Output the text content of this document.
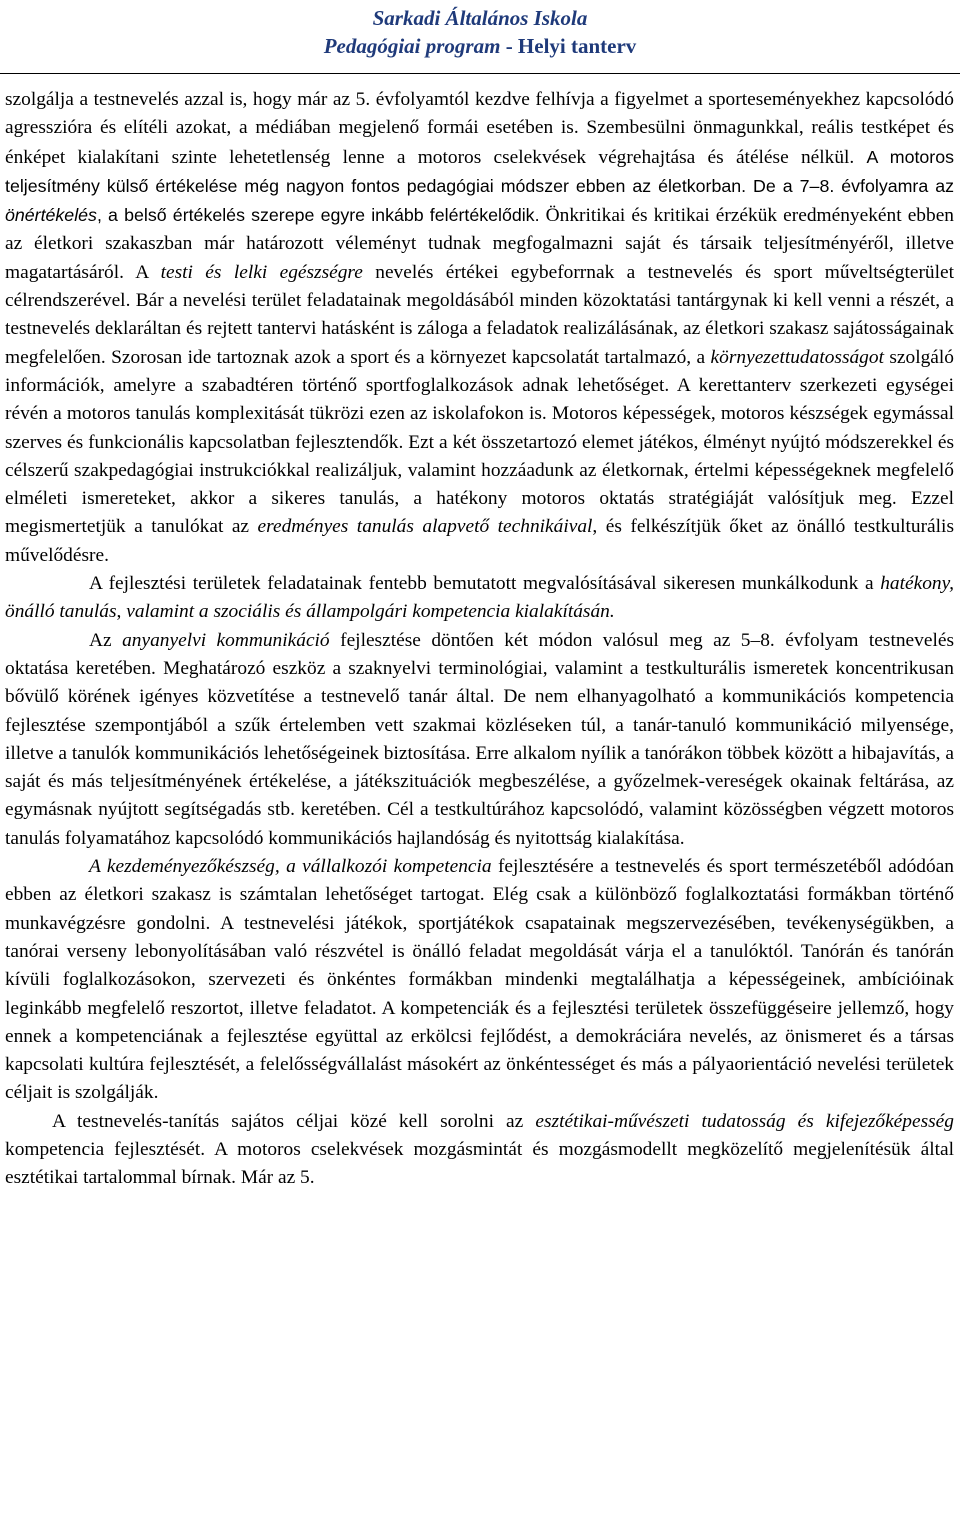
Sarkadi Általános Iskola
Pedagógiai program - Helyi tanterv

szolgálja a testnevelés azzal is, hogy már az 5. évfolyamtól kezdve felhívja a figyelmet a sporteseményekhez kapcsolódó agresszióra és elítéli azokat, a médiában megjelenő formái esetében is. Szembesülni önmagunkkal, reális testképet és énképet kialakítani szinte lehetetlenség lenne a motoros cselekvések végrehajtása és átélése nélkül. A motoros teljesítmény külső értékelése még nagyon fontos pedagógiai módszer ebben az életkorban. De a 7–8. évfolyamra az önértékelés, a belső értékelés szerepe egyre inkább felértékelődik. Önkritikai és kritikai érzékük eredményeként ebben az életkori szakaszban már határozott véleményt tudnak megfogalmazni saját és társaik teljesítményéről, illetve magatartásáról. A testi és lelki egészségre nevelés értékei egybeforrnak a testnevelés és sport műveltségterület célrendszerével. Bár a nevelési terület feladatainak megoldásából minden közoktatási tantárgynak ki kell venni a részét, a testnevelés deklaráltan és rejtett tantervi hatásként is záloga a feladatok realizálásának, az életkori szakasz sajátosságainak megfelelően. Szorosan ide tartoznak azok a sport és a környezet kapcsolatát tartalmazó, a környezettudatosságot szolgáló információk, amelyre a szabadtéren történő sportfoglalkozások adnak lehetőséget. A kerettanterv szerkezeti egységei révén a motoros tanulás komplexitását tükrözi ezen az iskolafokon is. Motoros képességek, motoros készségek egymással szerves és funkcionális kapcsolatban fejlesztendők. Ezt a két összetartozó elemet játékos, élményt nyújtó módszerekkel és célszerű szakpedagógiai instrukciókkal realizáljuk, valamint hozzáadunk az életkornak, értelmi képességeknek megfelelő elméleti ismereteket, akkor a sikeres tanulás, a hatékony motoros oktatás stratégiáját valósítjuk meg. Ezzel megismertetjük a tanulókat az eredményes tanulás alapvető technikáival, és felkészítjük őket az önálló testkulturális művelődésre.

A fejlesztési területek feladatainak fentebb bemutatott megvalósításával sikeresen munkálkodunk a hatékony, önálló tanulás, valamint a szociális és állampolgári kompetencia kialakításán.

Az anyanyelvi kommunikáció fejlesztése döntően két módon valósul meg az 5–8. évfolyam testnevelés oktatása keretében. Meghatározó eszköz a szaknyelvi terminológiai, valamint a testkulturális ismeretek koncentrikusan bővülő körének igényes közvetítése a testnevelő tanár által. De nem elhanyagolható a kommunikációs kompetencia fejlesztése szempontjából a szűk értelemben vett szakmai közléseken túl, a tanár-tanuló kommunikáció milyensége, illetve a tanulók kommunikációs lehetőségeinek biztosítása. Erre alkalom nyílik a tanórákon többek között a hibajavítás, a saját és más teljesítményének értékelése, a játékszituációk megbeszélése, a győzelmek-vereségek okainak feltárása, az egymásnak nyújtott segítségadás stb. keretében. Cél a testkultúrához kapcsolódó, valamint közösségben végzett motoros tanulás folyamatához kapcsolódó kommunikációs hajlandóság és nyitottság kialakítása.

A kezdeményezőkészség, a vállalkozói kompetencia fejlesztésére a testnevelés és sport természetéből adódóan ebben az életkori szakasz is számtalan lehetőséget tartogat. Elég csak a különböző foglalkoztatási formákban történő munkavégzésre gondolni. A testnevelési játékok, sportjátékok csapatainak megszervezésében, tevékenységükben, a tanórai verseny lebonyolításában való részvétel is önálló feladat megoldását várja el a tanulóktól. Tanórán és tanórán kívüli foglalkozásokon, szervezeti és önkéntes formákban mindenki megtalálhatja a képességeinek, ambícióinak leginkább megfelelő reszortot, illetve feladatot. A kompetenciák és a fejlesztési területek összefüggéseire jellemző, hogy ennek a kompetenciának a fejlesztése együttal az erkölcsi fejlődést, a demokráciára nevelés, az önismeret és a társas kapcsolati kultúra fejlesztését, a felelősségvállalást másokért az önkéntességet és más a pályaorientáció nevelési területek céljait is szolgálják.

A testnevelés-tanítás sajátos céljai közé kell sorolni az esztétikai-művészeti tudatosság és kifejezőképesség kompetencia fejlesztését. A motoros cselekvések mozgásmintát és mozgásmodellt megközelítő megjelenítésük által esztétikai tartalommal bírnak. Már az 5.
